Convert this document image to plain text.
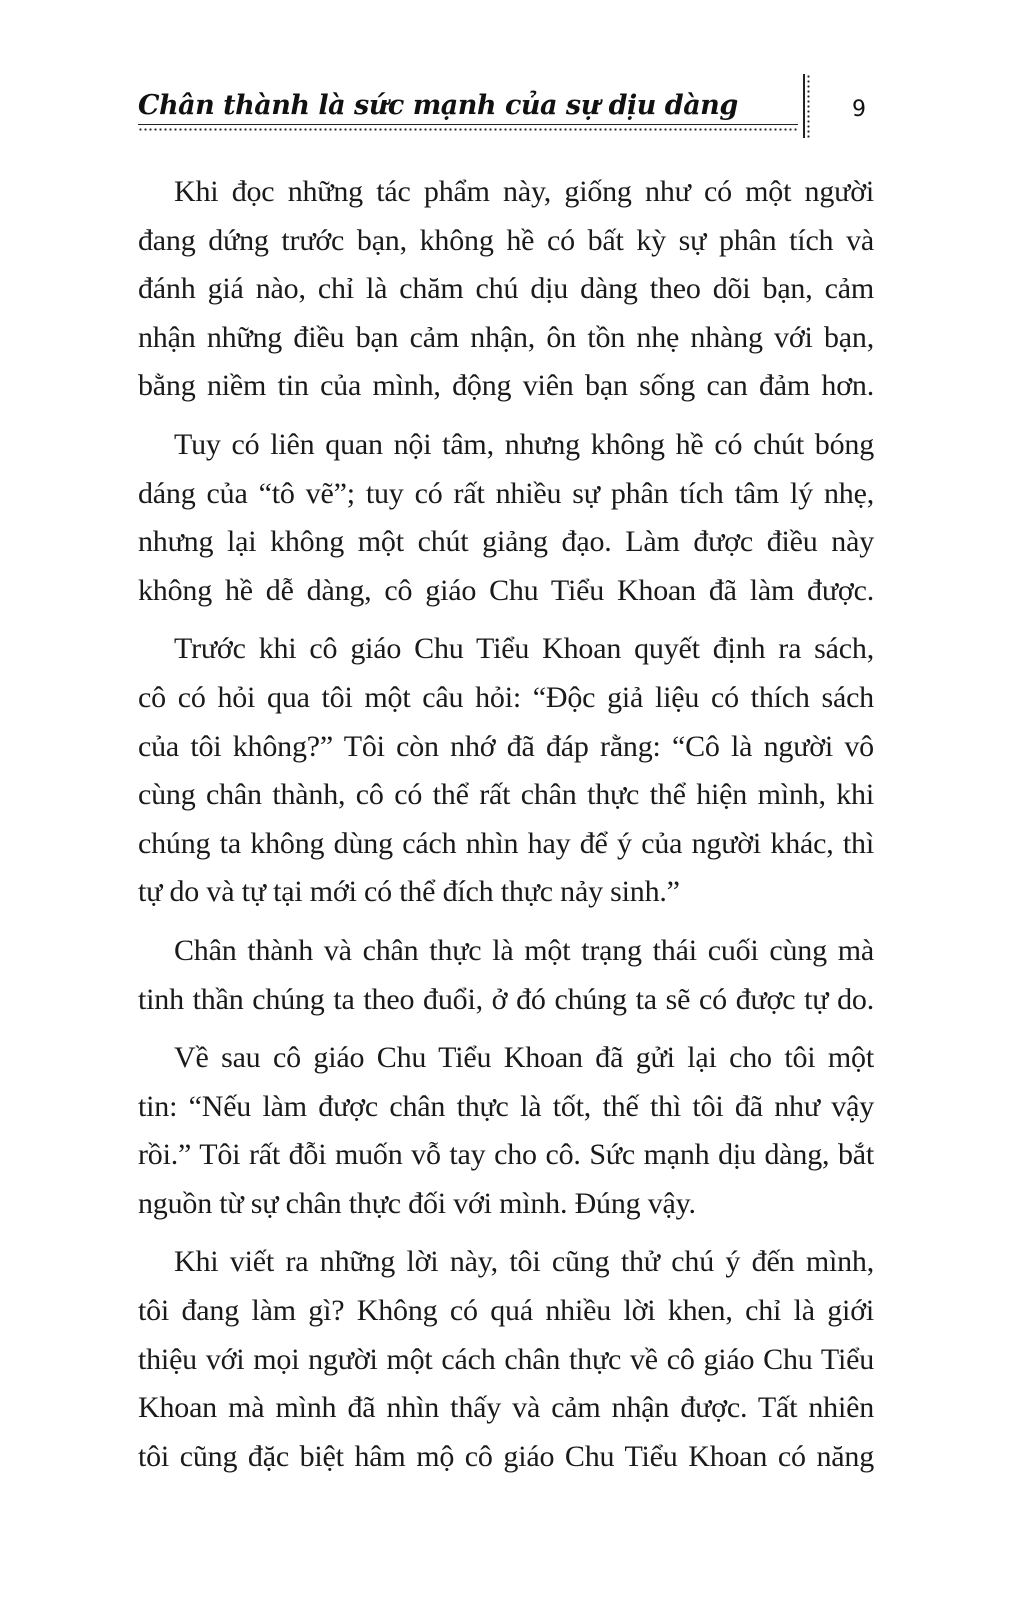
Chân thành là sức mạnh của sự dịu dàng	9

Khi đọc những tác phẩm này, giống như có một người
đang dứng trước bạn, không hề có bất kỳ sự phân tích và
đánh giá nào, chỉ là chăm chú dịu dàng theo dõi bạn, cảm
nhận những điều bạn cảm nhận, ôn tồn nhẹ nhàng với bạn,
bằng niềm tin của mình, động viên bạn sống can đảm hơn.

Tuy có liên quan nội tâm, nhưng không hề có chút bóng
dáng của “tô vẽ”; tuy có rất nhiều sự phân tích tâm lý nhẹ,
nhưng lại không một chút giảng đạo. Làm được điều này
không hề dễ dàng, cô giáo Chu Tiểu Khoan đã làm được.

Trước khi cô giáo Chu Tiểu Khoan quyết định ra sách,
cô có hỏi qua tôi một câu hỏi: “Độc giả liệu có thích sách
của tôi không?” Tôi còn nhớ đã đáp rằng: “Cô là người vô
cùng chân thành, cô có thể rất chân thực thể hiện mình, khi
chúng ta không dùng cách nhìn hay để ý của người khác, thì
tự do và tự tại mới có thể đích thực nảy sinh.”

Chân thành và chân thực là một trạng thái cuối cùng mà
tinh thần chúng ta theo đuổi, ở đó chúng ta sẽ có được tự do.

Về sau cô giáo Chu Tiểu Khoan đã gửi lại cho tôi một
tin: “Nếu làm được chân thực là tốt, thế thì tôi đã như vậy
rồi.” Tôi rất đỗi muốn vỗ tay cho cô. Sức mạnh dịu dàng, bắt
nguồn từ sự chân thực đối với mình. Đúng vậy.

Khi viết ra những lời này, tôi cũng thử chú ý đến mình,
tôi đang làm gì? Không có quá nhiều lời khen, chỉ là giới
thiệu với mọi người một cách chân thực về cô giáo Chu Tiểu
Khoan mà mình đã nhìn thấy và cảm nhận được. Tất nhiên
tôi cũng đặc biệt hâm mộ cô giáo Chu Tiểu Khoan có năng
